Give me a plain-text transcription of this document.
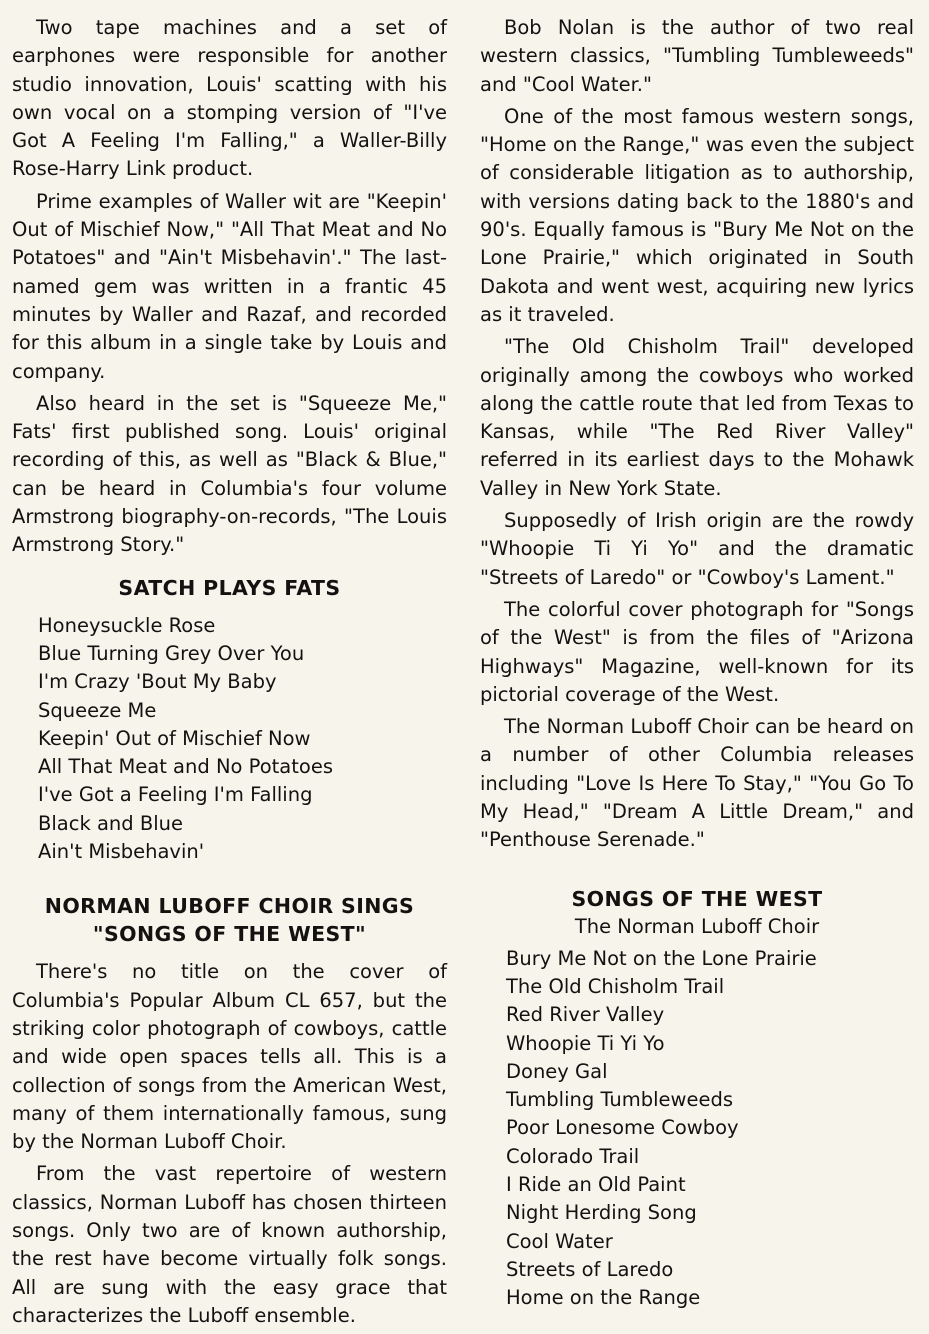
Two tape machines and a set of earphones were responsible for another studio innovation, Louis' scatting with his own vocal on a stomping version of "I've Got A Feeling I'm Falling," a Waller-Billy Rose-Harry Link product.

Prime examples of Waller wit are "Keepin' Out of Mischief Now," "All That Meat and No Potatoes" and "Ain't Misbehavin'." The last-named gem was written in a frantic 45 minutes by Waller and Razaf, and recorded for this album in a single take by Louis and company.

Also heard in the set is "Squeeze Me," Fats' first published song. Louis' original recording of this, as well as "Black & Blue," can be heard in Columbia's four volume Armstrong biography-on-records, "The Louis Armstrong Story."

SATCH PLAYS FATS
Honeysuckle Rose
Blue Turning Grey Over You
I'm Crazy 'Bout My Baby
Squeeze Me
Keepin' Out of Mischief Now
All That Meat and No Potatoes
I've Got a Feeling I'm Falling
Black and Blue
Ain't Misbehavin'
NORMAN LUBOFF CHOIR SINGS
"SONGS OF THE WEST"

There's no title on the cover of Columbia's Popular Album CL 657, but the striking color photograph of cowboys, cattle and wide open spaces tells all. This is a collection of songs from the American West, many of them internationally famous, sung by the Norman Luboff Choir.

From the vast repertoire of western classics, Norman Luboff has chosen thirteen songs. Only two are of known authorship, the rest have become virtually folk songs. All are sung with the easy grace that characterizes the Luboff ensemble.

Bob Nolan is the author of two real western classics, "Tumbling Tumbleweeds" and "Cool Water."

One of the most famous western songs, "Home on the Range," was even the subject of considerable litigation as to authorship, with versions dating back to the 1880's and 90's. Equally famous is "Bury Me Not on the Lone Prairie," which originated in South Dakota and went west, acquiring new lyrics as it traveled.

"The Old Chisholm Trail" developed originally among the cowboys who worked along the cattle route that led from Texas to Kansas, while "The Red River Valley" referred in its earliest days to the Mohawk Valley in New York State.

Supposedly of Irish origin are the rowdy "Whoopie Ti Yi Yo" and the dramatic "Streets of Laredo" or "Cowboy's Lament."

The colorful cover photograph for "Songs of the West" is from the files of "Arizona Highways" Magazine, well-known for its pictorial coverage of the West.

The Norman Luboff Choir can be heard on a number of other Columbia releases including "Love Is Here To Stay," "You Go To My Head," "Dream A Little Dream," and "Penthouse Serenade."

SONGS OF THE WEST
The Norman Luboff Choir
Bury Me Not on the Lone Prairie
The Old Chisholm Trail
Red River Valley
Whoopie Ti Yi Yo
Doney Gal
Tumbling Tumbleweeds
Poor Lonesome Cowboy
Colorado Trail
I Ride an Old Paint
Night Herding Song
Cool Water
Streets of Laredo
Home on the Range
